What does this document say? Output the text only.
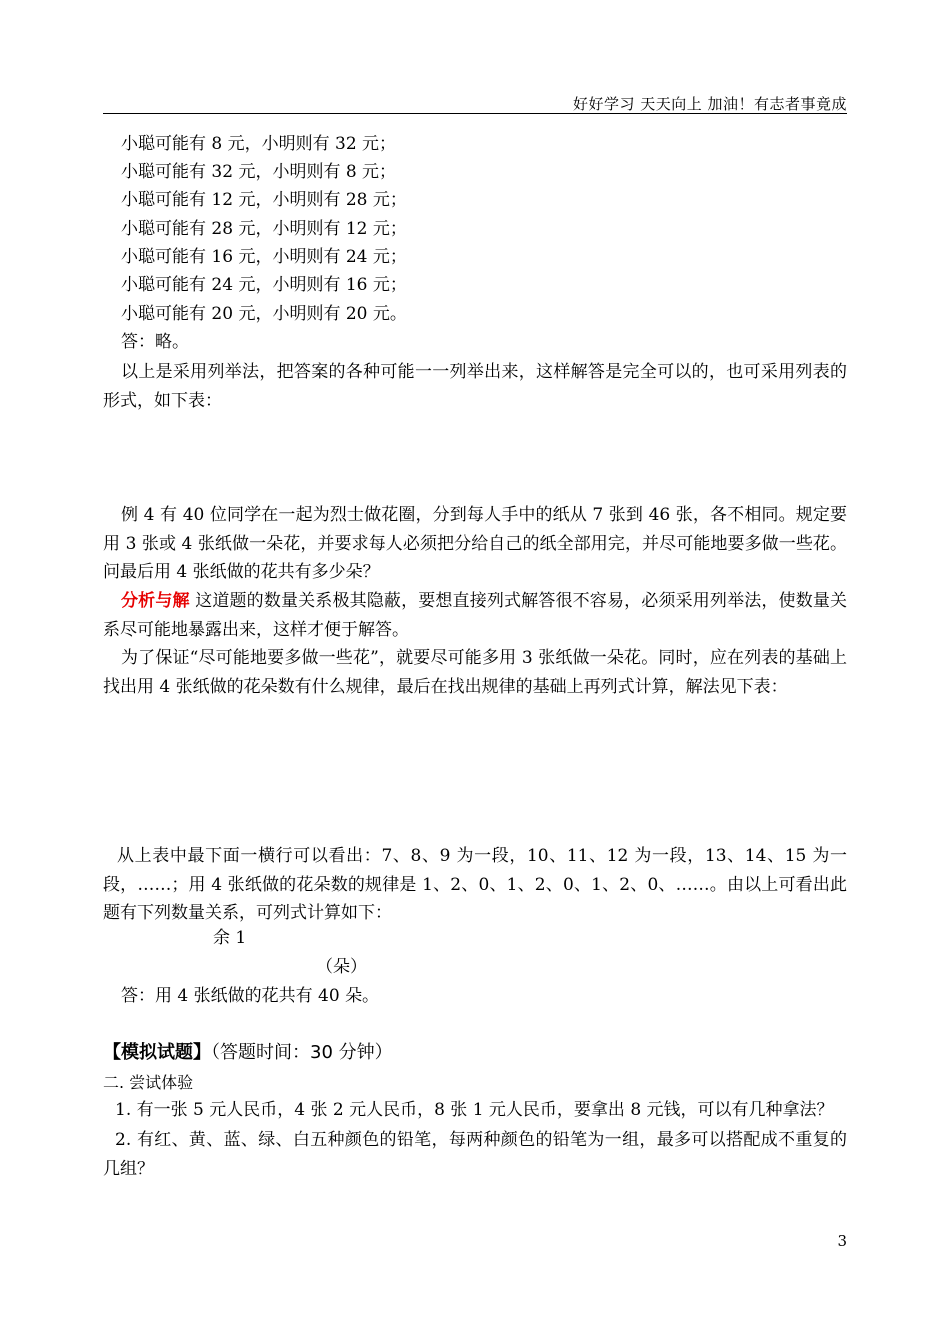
好好学习 天天向上 加油！有志者事竟成
小聪可能有 8 元，小明则有 32 元；
小聪可能有 32 元，小明则有 8 元；
小聪可能有 12 元，小明则有 28 元；
小聪可能有 28 元，小明则有 12 元；
小聪可能有 16 元，小明则有 24 元；
小聪可能有 24 元，小明则有 16 元；
小聪可能有 20 元，小明则有 20 元。
答：略。
以上是采用列举法，把答案的各种可能一一列举出来，这样解答是完全可以的，也可采用列表的形式，如下表：
例 4 有 40 位同学在一起为烈士做花圈，分到每人手中的纸从 7 张到 46 张，各不相同。规定要用 3 张或 4 张纸做一朵花，并要求每人必须把分给自己的纸全部用完，并尽可能地要多做一些花。问最后用 4 张纸做的花共有多少朵？
分析与解 这道题的数量关系极其隐蔽，要想直接列式解答很不容易，必须采用列举法，使数量关系尽可能地暴露出来，这样才便于解答。
为了保证“尽可能地要多做一些花”，就要尽可能多用 3 张纸做一朵花。同时，应在列表的基础上找出用 4 张纸做的花朵数有什么规律，最后在找出规律的基础上再列式计算，解法见下表：
从上表中最下面一横行可以看出：7、8、9 为一段，10、11、12 为一段，13、14、15 为一段，……；用 4 张纸做的花朵数的规律是 1、2、0、1、2、0、1、2、0、……。由以上可看出此题有下列数量关系，可列式计算如下：
余 1
（朵）
答：用 4 张纸做的花共有 40 朵。
【模拟试题】（答题时间：30 分钟）
二. 尝试体验
1. 有一张 5 元人民币，4 张 2 元人民币，8 张 1 元人民币，要拿出 8 元钱，可以有几种拿法？
2. 有红、黄、蓝、绿、白五种颜色的铅笔，每两种颜色的铅笔为一组，最多可以搭配成不重复的几组？
3
